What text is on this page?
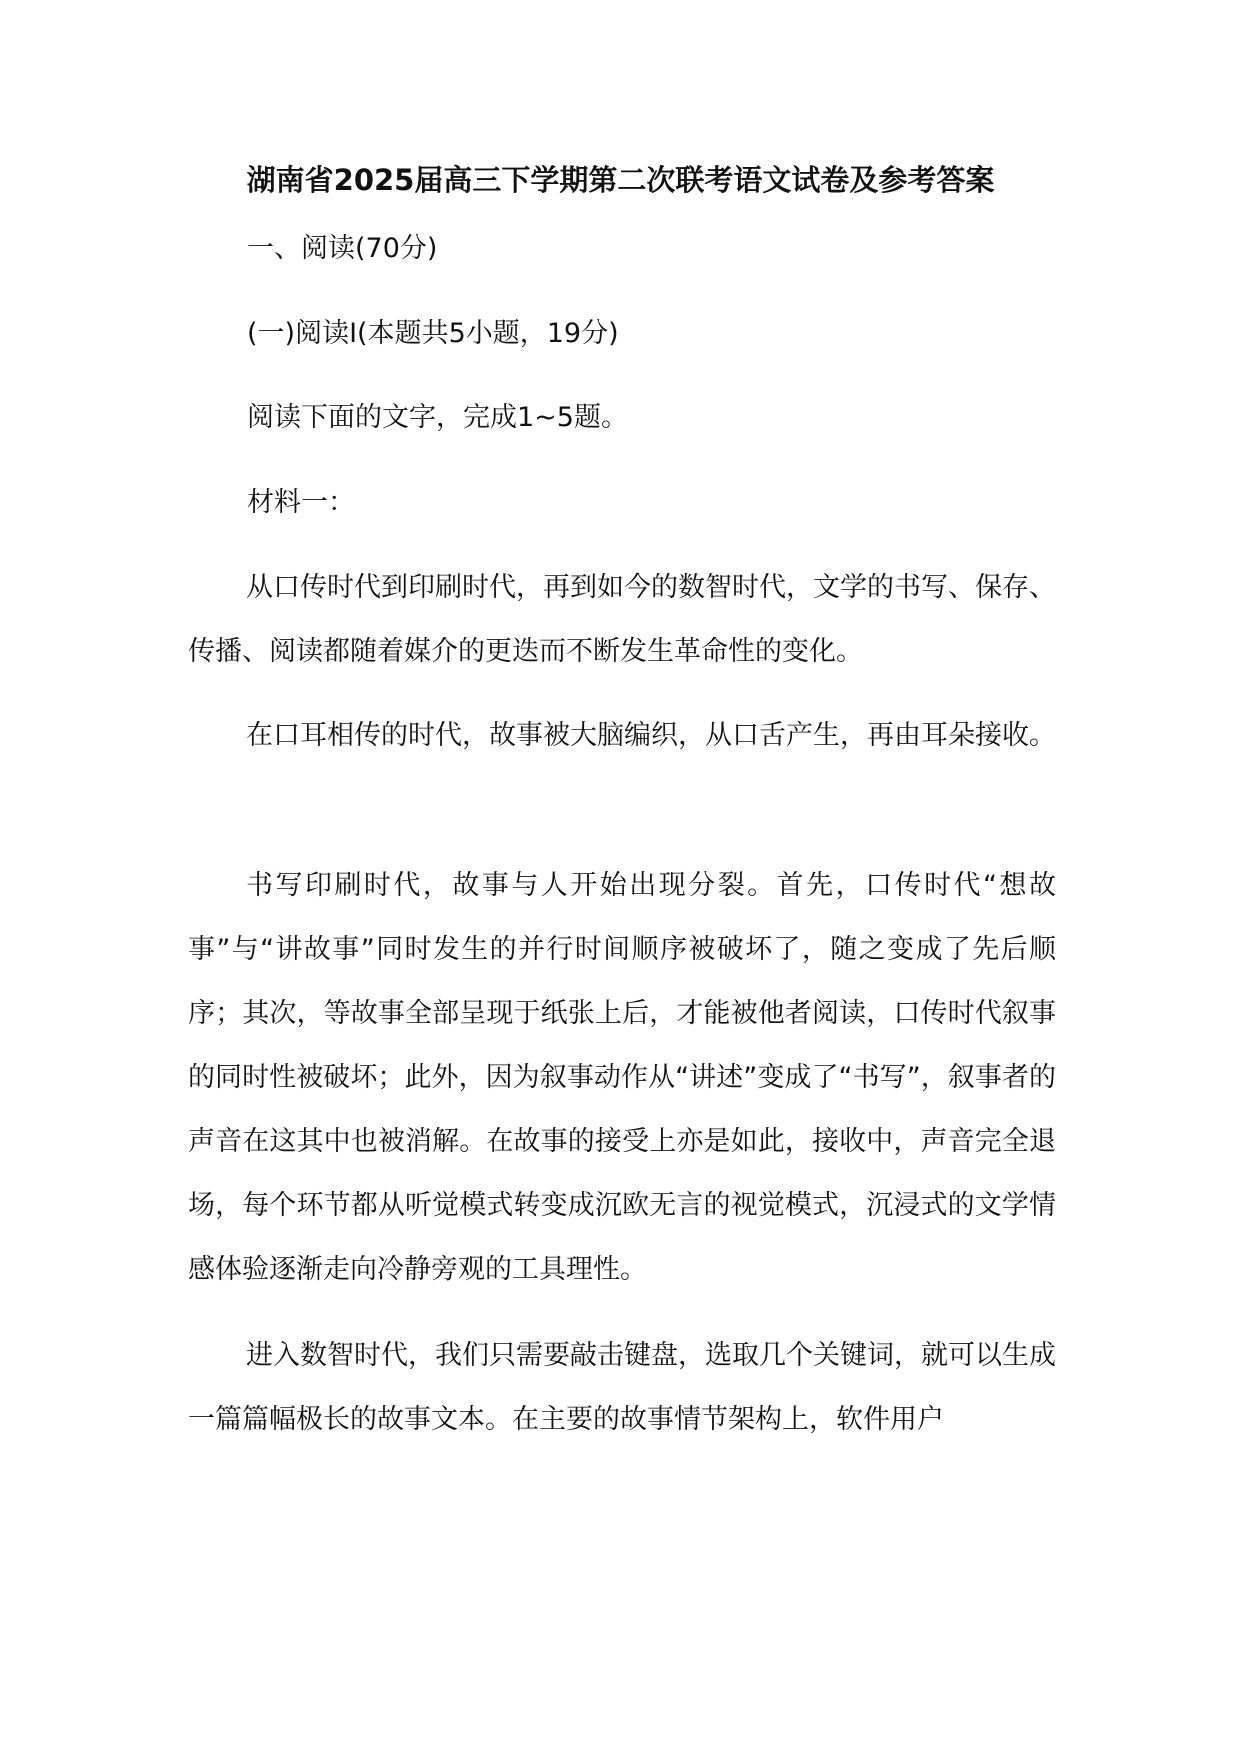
湖南省2025届高三下学期第二次联考语文试卷及参考答案
一、阅读(70分)
(一)阅读I(本题共5小题，19分)
阅读下面的文字，完成1~5题。
材料一：
从口传时代到印刷时代，再到如今的数智时代，文学的书写、保存、传播、阅读都随着媒介的更迭而不断发生革命性的变化。
在口耳相传的时代，故事被大脑编织，从口舌产生，再由耳朵接收。
书写印刷时代，故事与人开始出现分裂。首先，口传时代“想故事”与“讲故事”同时发生的并行时间顺序被破坏了，随之变成了先后顺序；其次，等故事全部呈现于纸张上后，才能被他者阅读，口传时代叙事的同时性被破坏；此外，因为叙事动作从“讲述”变成了“书写”，叙事者的声音在这其中也被消解。在故事的接受上亦是如此，接收中，声音完全退场，每个环节都从听觉模式转变成沉欧无言的视觉模式，沉浸式的文学情感体验逐渐走向冷静旁观的工具理性。
进入数智时代，我们只需要敲击键盘，选取几个关键词，就可以生成一篇篇幅极长的故事文本。在主要的故事情节架构上，软件用户
